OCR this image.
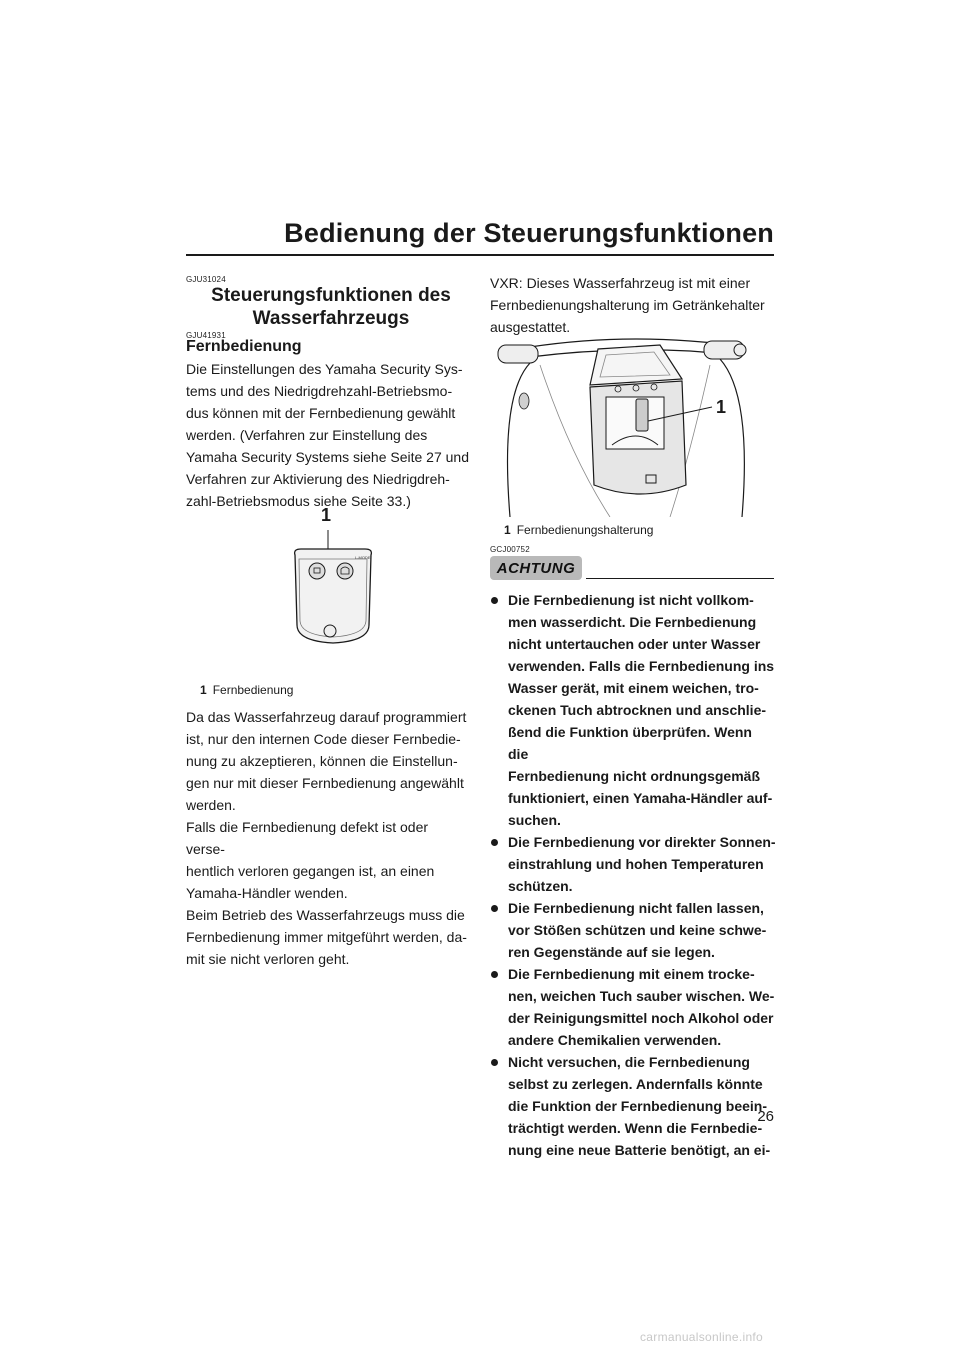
Bedienung der Steuerungsfunktionen
GJU31024
Steuerungsfunktionen des
Wasserfahrzeugs
GJU41931
Fernbedienung
Die Einstellungen des Yamaha Security Sys-
tems und des Niedrigdrehzahl-Betriebsmo-
dus können mit der Fernbedienung gewählt
werden. (Verfahren zur Einstellung des
Yamaha Security Systems siehe Seite 27 und
Verfahren zur Aktivierung des Niedrigdreh-
zahl-Betriebsmodus siehe Seite 33.)
1
L-MODE
1 Fernbedienung
Da das Wasserfahrzeug darauf programmiert
ist, nur den internen Code dieser Fernbedie-
nung zu akzeptieren, können die Einstellun-
gen nur mit dieser Fernbedienung angewählt
werden.
Falls die Fernbedienung defekt ist oder verse-
hentlich verloren gegangen ist, an einen
Yamaha-Händler wenden.
Beim Betrieb des Wasserfahrzeugs muss die
Fernbedienung immer mitgeführt werden, da-
mit sie nicht verloren geht.
VXR: Dieses Wasserfahrzeug ist mit einer
Fernbedienungshalterung im Getränkehalter
ausgestattet.
1
1 Fernbedienungshalterung
GCJ00752
ACHTUNG
Die Fernbedienung ist nicht vollkom-
men wasserdicht. Die Fernbedienung
nicht untertauchen oder unter Wasser
verwenden. Falls die Fernbedienung ins
Wasser gerät, mit einem weichen, tro-
ckenen Tuch abtrocknen und anschlie-
ßend die Funktion überprüfen. Wenn die
Fernbedienung nicht ordnungsgemäß
funktioniert, einen Yamaha-Händler auf-
suchen.
Die Fernbedienung vor direkter Sonnen-
einstrahlung und hohen Temperaturen
schützen.
Die Fernbedienung nicht fallen lassen,
vor Stößen schützen und keine schwe-
ren Gegenstände auf sie legen.
Die Fernbedienung mit einem trocke-
nen, weichen Tuch sauber wischen. We-
der Reinigungsmittel noch Alkohol oder
andere Chemikalien verwenden.
Nicht versuchen, die Fernbedienung
selbst zu zerlegen. Andernfalls könnte
die Funktion der Fernbedienung beein-
trächtigt werden. Wenn die Fernbedie-
nung eine neue Batterie benötigt, an ei-
26
carmanualsonline.info
